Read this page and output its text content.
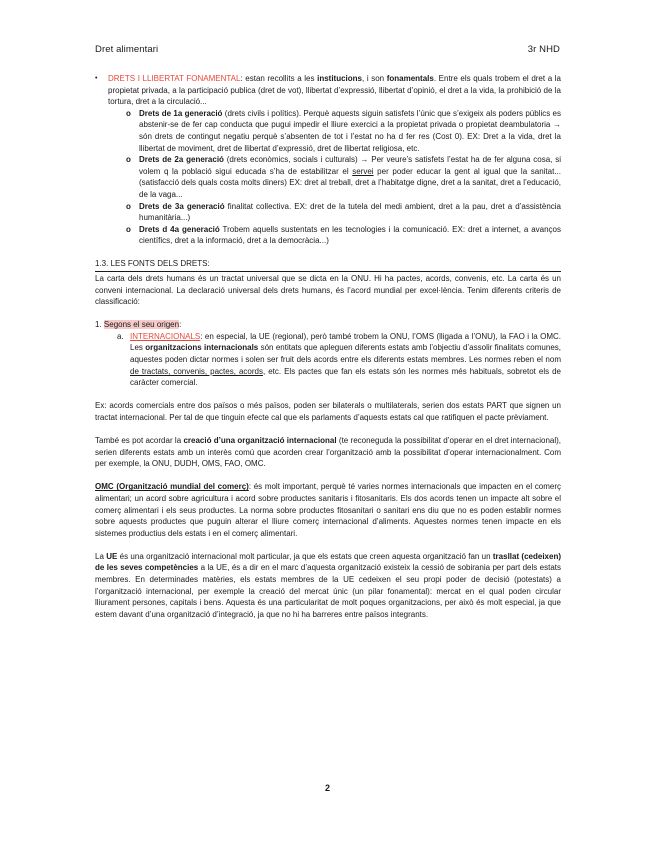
Dret alimentari	3r NHD
• DRETS I LLIBERTAT FONAMENTAL: estan recollits a les institucions, i son fonamentals. Entre els quals trobem el dret a la propietat privada, a la participació publica (dret de vot), llibertat d’expressió, llibertat d’opinió, el dret a la vida, la prohibició de la tortura, dret a la circulació...

o Drets de 1a generació (drets civils i polítics). Perquè aquests siguin satisfets l’únic que s’exigeix als poders públics es abstenir-se de fer cap conducta que pugui impedir el lliure exercici a la propietat privada o propietat deambulatoria → són drets de contingut negatiu perquè s’absenten de tot i l’estat no ha d fer res (Cost 0). EX: Dret a la vida, dret la llibertat de moviment, dret de llibertat d’expressió, dret de llibertat religiosa, etc.

o Drets de 2a generació (drets econòmics, socials i culturals) → Per veure’s satisfets l’estat ha de fer alguna cosa, si volem q la població sigui educada s’ha de estabilitzar el servei per poder educar la gent al igual que la sanitat... (satisfacció dels quals costa molts diners) EX: dret al treball, dret a l’habitatge digne, dret a la sanitat, dret a l’educació, de la vaga...

o Drets de 3a generació finalitat collectiva. EX: dret de la tutela del medi ambient, dret a la pau, dret a d’assistència humanitària...)

o Drets d 4a generació Trobem aquells sustentats en les tecnologies i la comunicació. EX: dret a internet, a avanços científics, dret a la informació, dret a la democràcia...)

1.3. LES FONTS DELS DRETS:

La carta dels drets humans és un tractat universal que se dicta en la ONU. Hi ha pactes, acords, convenis, etc. La carta és un conveni internacional. La declaració universal dels drets humans, és l’acord mundial per excel·lència. Tenim diferents criteris de classificació:

1. Segons el seu origen:

a. INTERNACIONALS: en especial, la UE (regional), però també trobem la ONU, l’OMS (lligada a l’ONU), la FAO i la OMC. Les organitzacions internacionals són entitats que apleguen diferents estats amb l’objectiu d’assolir finalitats comunes, aquestes poden dictar normes i solen ser fruit dels acords entre els diferents estats membres. Les normes reben el nom de tractats, convenis, pactes, acords, etc. Els pactes que fan els estats són les normes més habituals, sobretot els de caràcter comercial.

Ex: acords comercials entre dos països o més països, poden ser bilaterals o multilaterals, serien dos estats PART que signen un tractat internacional. Per tal de que tinguin efecte cal que els parlaments d’aquests estats cal que ratifiquen el pacte prèviament.

També es pot acordar la creació d’una organització internacional (te reconeguda la possibilitat d’operar en el dret internacional), serien diferents estats amb un interès comú que acorden crear l’organització amb la possibilitat d’operar internacionalment. Com per exemple, la ONU, DUDH, OMS, FAO, OMC.

OMC (Organització mundial del comerç): és molt important, perquè té varies normes internacionals que impacten en el comerç alimentari; un acord sobre agricultura i acord sobre productes sanitaris i fitosanitaris. Els dos acords tenen un impacte alt sobre el comerç alimentari i els seus productes. La norma sobre productes fitosanitari o sanitari ens diu que no es poden establir normes sobre aquests productes que puguin alterar el lliure comerç internacional d’aliments. Aquestes normes tenen impacte en els sistemes productius dels estats i en el comerç alimentari.

La UE és una organització internacional molt particular, ja que els estats que creen aquesta organització fan un trasllat (cedeixen) de les seves competències a la UE, és a dir en el marc d’aquesta organització existeix la cessió de sobirania per part dels estats membres. En determinades matèries, els estats membres de la UE cedeixen el seu propi poder de decisió (potestats) a l’organització internacional, per exemple la creació del mercat únic (un pilar fonamental): mercat en el qual poden circular lliurament persones, capitals i bens. Aquesta és una particularitat de molt poques organitzacions, per això és molt especial, ja que estem davant d’una organització d’integració, ja que no hi ha barreres entre països integrants.

2
